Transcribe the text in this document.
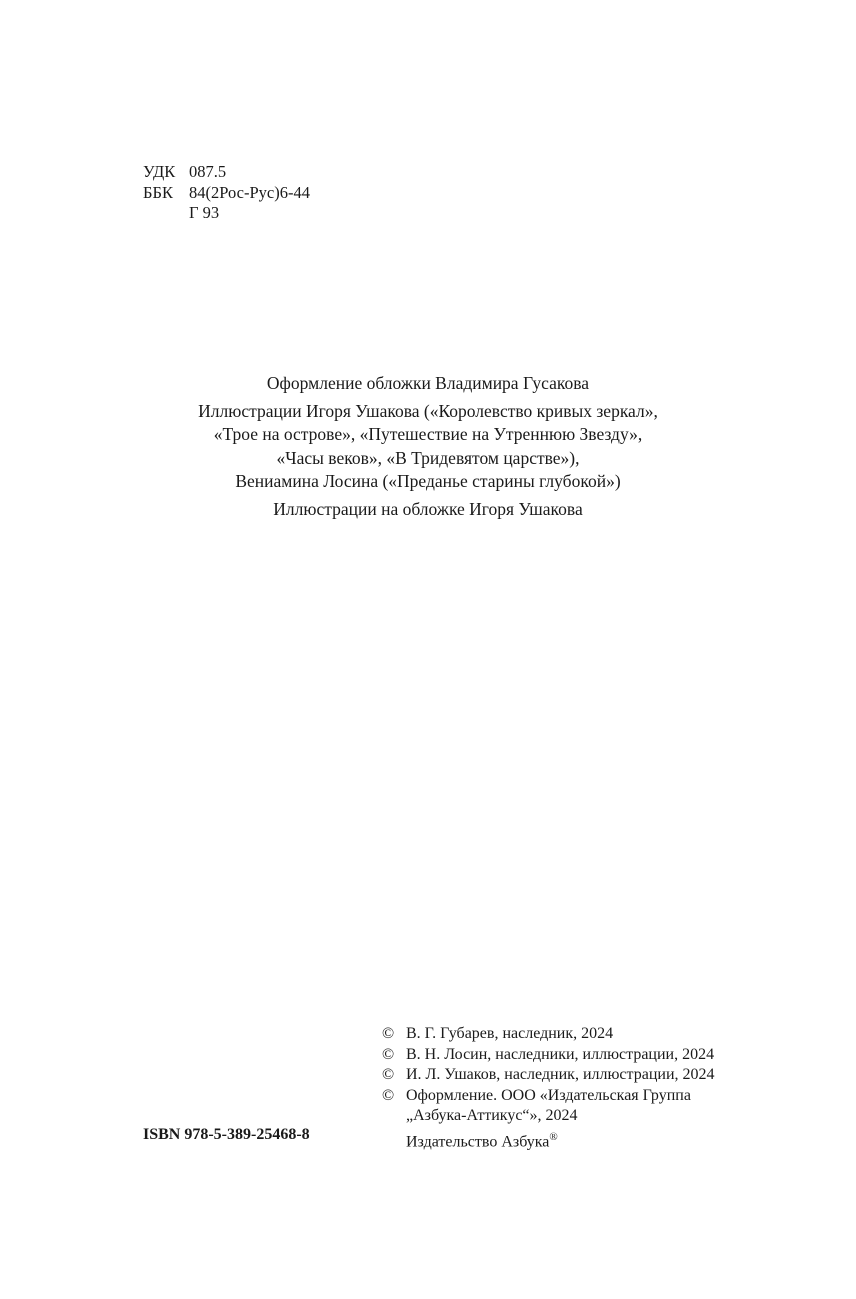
УДК 087.5
ББК 84(2Рос-Рус)6-44
Г 93
Оформление обложки Владимира Гусакова
Иллюстрации Игоря Ушакова («Королевство кривых зеркал»,
«Трое на острове», «Путешествие на Утреннюю Звезду»,
«Часы веков», «В Тридевятом царстве»),
Вениамина Лосина («Преданье старины глубокой»)
Иллюстрации на обложке Игоря Ушакова
ISBN 978-5-389-25468-8
© В. Г. Губарев, наследник, 2024
© В. Н. Лосин, наследники, иллюстрации, 2024
© И. Л. Ушаков, наследник, иллюстрации, 2024
© Оформление. ООО «Издательская Группа
„Азбука-Аттикус“», 2024
Издательство Азбука®
